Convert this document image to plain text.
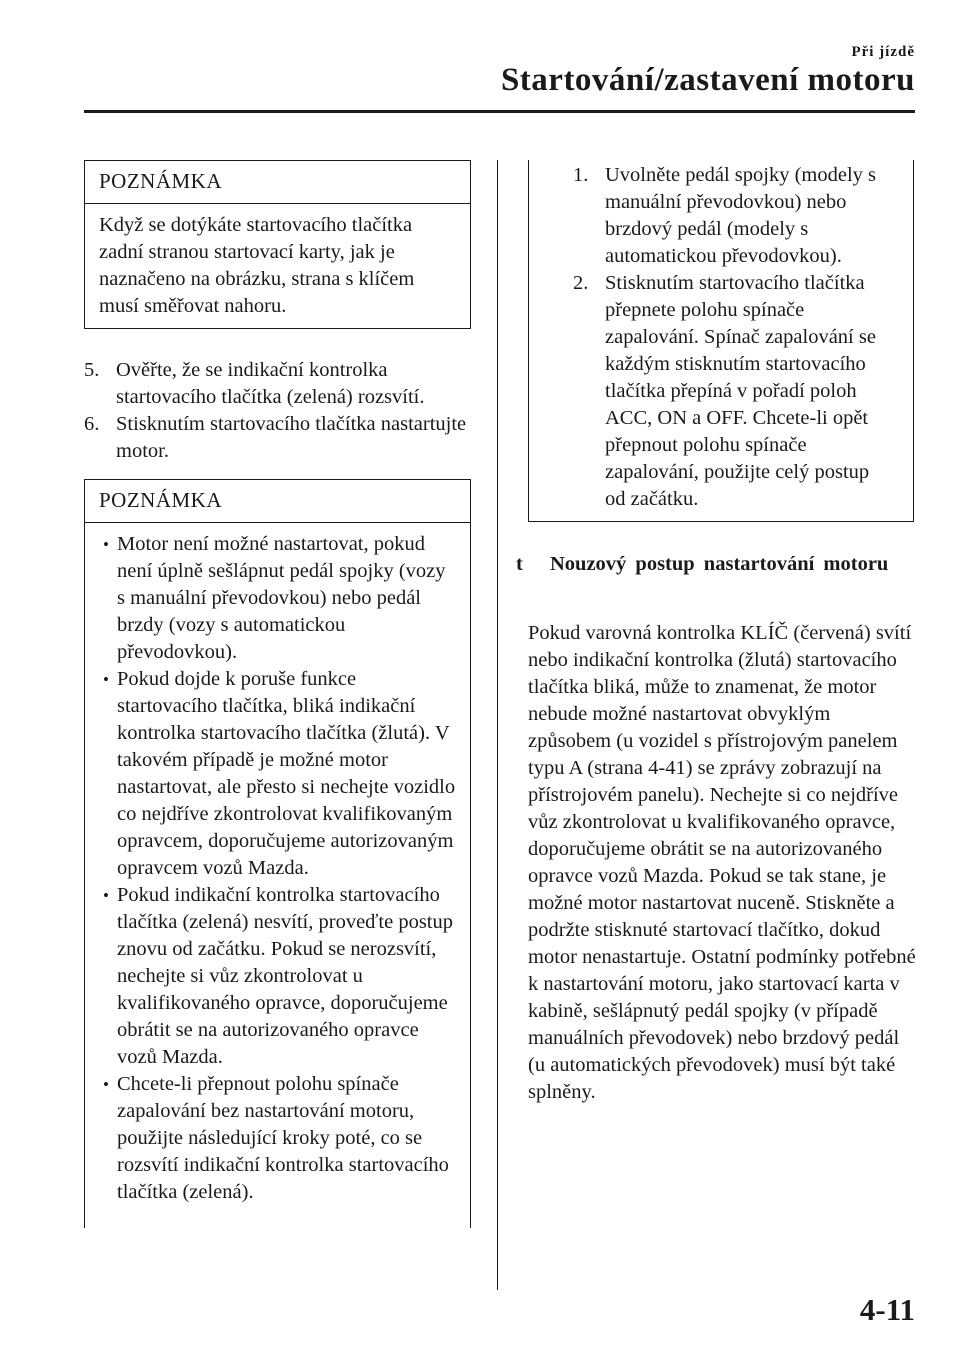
Při jízdě
Startování/zastavení motoru
POZNÁMKA

Když se dotýkáte startovacího tlačítka zadní stranou startovací karty, jak je naznačeno na obrázku, strana s klíčem musí směřovat nahoru.

5. Ověřte, že se indikační kontrolka startovacího tlačítka (zelená) rozsvítí.
6. Stisknutím startovacího tlačítka nastartujte motor.
POZNÁMKA
• Motor není možné nastartovat, pokud není úplně sešlápnut pedál spojky (vozy s manuální převodovkou) nebo pedál brzdy (vozy s automatickou převodovkou).
• Pokud dojde k poruše funkce startovacího tlačítka, bliká indikační kontrolka startovacího tlačítka (žlutá). V takovém případě je možné motor nastartovat, ale přesto si nechejte vozidlo co nejdříve zkontrolovat kvalifikovaným opravcem, doporučujeme autorizovaným opravcem vozů Mazda.
• Pokud indikační kontrolka startovacího tlačítka (zelená) nesvítí, proveďte postup znovu od začátku. Pokud se nerozsvítí, nechejte si vůz zkontrolovat u kvalifikovaného opravce, doporučujeme obrátit se na autorizovaného opravce vozů Mazda.
• Chcete-li přepnout polohu spínače zapalování bez nastartování motoru, použijte následující kroky poté, co se rozsvítí indikační kontrolka startovacího tlačítka (zelená).
1. Uvolněte pedál spojky (modely s manuální převodovkou) nebo brzdový pedál (modely s automatickou převodovkou).
2. Stisknutím startovacího tlačítka přepnete polohu spínače zapalování. Spínač zapalování se každým stisknutím startovacího tlačítka přepíná v pořadí poloh ACC, ON a OFF. Chcete-li opět přepnout polohu spínače zapalování, použijte celý postup od začátku.
t	Nouzový postup nastartování motoru

Pokud varovná kontrolka KLÍČ (červená) svítí nebo indikační kontrolka (žlutá) startovacího tlačítka bliká, může to znamenat, že motor nebude možné nastartovat obvyklým způsobem (u vozidel s přístrojovým panelem typu A (strana 4-41) se zprávy zobrazují na přístrojovém panelu). Nechejte si co nejdříve vůz zkontrolovat u kvalifikovaného opravce, doporučujeme obrátit se na autorizovaného opravce vozů Mazda. Pokud se tak stane, je možné motor nastartovat nuceně. Stiskněte a podržte stisknuté startovací tlačítko, dokud motor nenastartuje. Ostatní podmínky potřebné k nastartování motoru, jako startovací karta v kabině, sešlápnutý pedál spojky (v případě manuálních převodovek) nebo brzdový pedál (u automatických převodovek) musí být také splněny.

4-11
